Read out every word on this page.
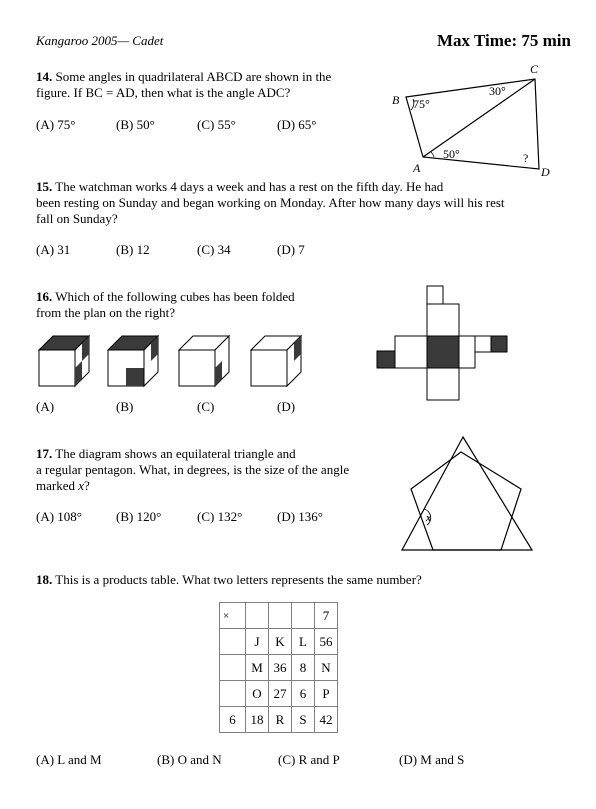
Kangaroo 2005— Cadet	Max Time: 75 min
14. Some angles in quadrilateral ABCD are shown in the
figure. If BC = AD, then what is the angle ADC?
(A) 75°	(B) 50°	(C) 55°	(D) 65°
B
C
A	D
75°
30°
50°	?
15. The watchman works 4 days a week and has a rest on the fifth day. He had
been resting on Sunday and began working on Monday. After how many days will his rest
fall on Sunday?
(A) 31	(B) 12	(C) 34	(D) 7
16. Which of the following cubes has been folded
from the plan on the right?
(A)	(B)	(C)	(D)
17. The diagram shows an equilateral triangle and
a regular pentagon. What, in degrees, is the size of the angle
marked x?
(A) 108°	(B) 120°	(C) 132°	(D) 136°	x
18. This is a products table. What two letters represents the same number?
×				7
	J	K	L	56
	M	36	8	N
	O	27	6	P
6	18	R	S	42
(A) L and M	(B) O and N	(C) R and P	(D) M and S
